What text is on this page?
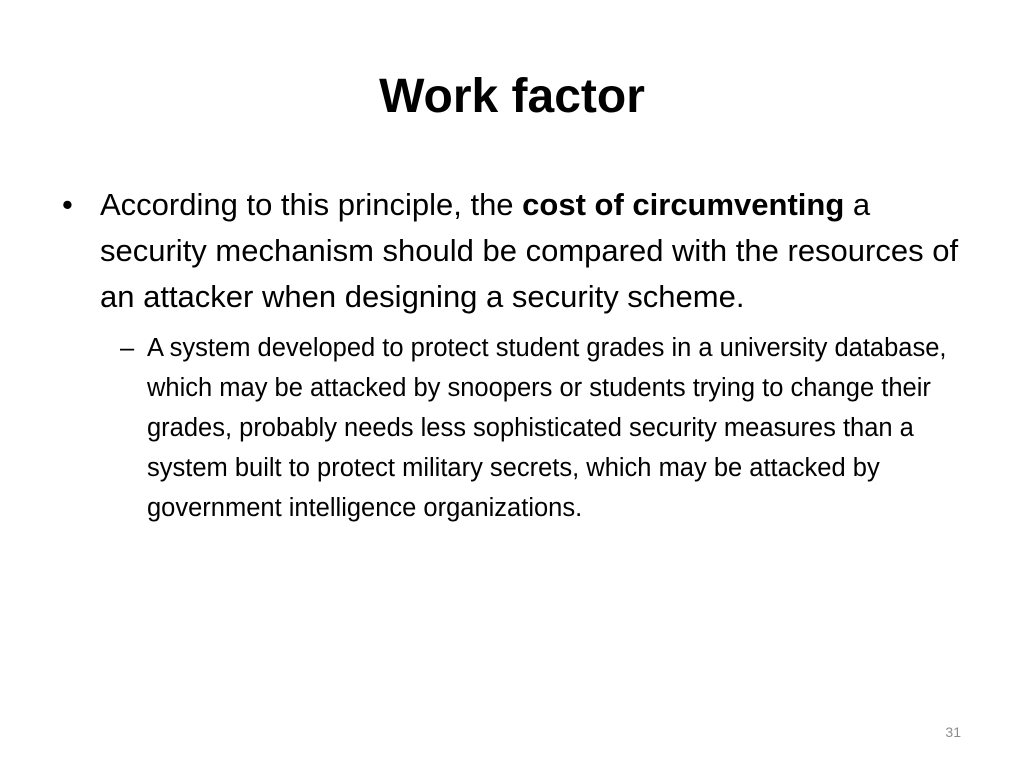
Work factor

• According to this principle, the cost of circumventing a security mechanism should be compared with the resources of an attacker when designing a security scheme.

– A system developed to protect student grades in a university database, which may be attacked by snoopers or students trying to change their grades, probably needs less sophisticated security measures than a system built to protect military secrets, which may be attacked by government intelligence organizations.

31
